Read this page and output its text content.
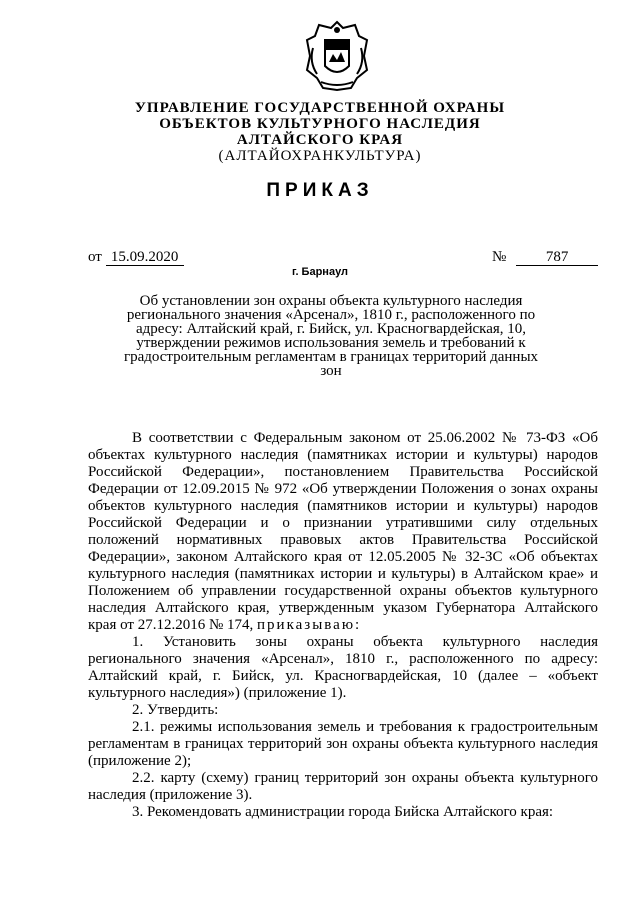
УПРАВЛЕНИЕ ГОСУДАРСТВЕННОЙ ОХРАНЫ
ОБЪЕКТОВ КУЛЬТУРНОГО НАСЛЕДИЯ
АЛТАЙСКОГО КРАЯ
(АЛТАЙОХРАНКУЛЬТУРА)
ПРИКАЗ
от 15.09.2020	№	787
г. Барнаул
Об установлении зон охраны объекта культурного наследия
регионального значения «Арсенал», 1810 г., расположенного по
адресу: Алтайский край, г. Бийск, ул. Красногвардейская, 10,
утверждении режимов использования земель и требований к
градостроительным регламентам в границах территорий данных
зон

В соответствии с Федеральным законом от 25.06.2002 № 73-ФЗ «Об объектах культурного наследия (памятниках истории и культуры) народов Российской Федерации», постановлением Правительства Российской Федерации от 12.09.2015 № 972 «Об утверждении Положения о зонах охраны объектов культурного наследия (памятников истории и культуры) народов Российской Федерации и о признании утратившими силу отдельных положений нормативных правовых актов Правительства Российской Федерации», законом Алтайского края от 12.05.2005 № 32-ЗС «Об объектах культурного наследия (памятниках истории и культуры) в Алтайском крае» и Положением об управлении государственной охраны объектов культурного наследия Алтайского края, утвержденным указом Губернатора Алтайского края от 27.12.2016 № 174, приказываю:

1. Установить зоны охраны объекта культурного наследия регионального значения «Арсенал», 1810 г., расположенного по адресу: Алтайский край, г. Бийск, ул. Красногвардейская, 10 (далее – «объект культурного наследия») (приложение 1).

2. Утвердить:

2.1. режимы использования земель и требования к градостроительным регламентам в границах территорий зон охраны объекта культурного наследия (приложение 2);

2.2. карту (схему) границ территорий зон охраны объекта культурного наследия (приложение 3).

3. Рекомендовать администрации города Бийска Алтайского края:
